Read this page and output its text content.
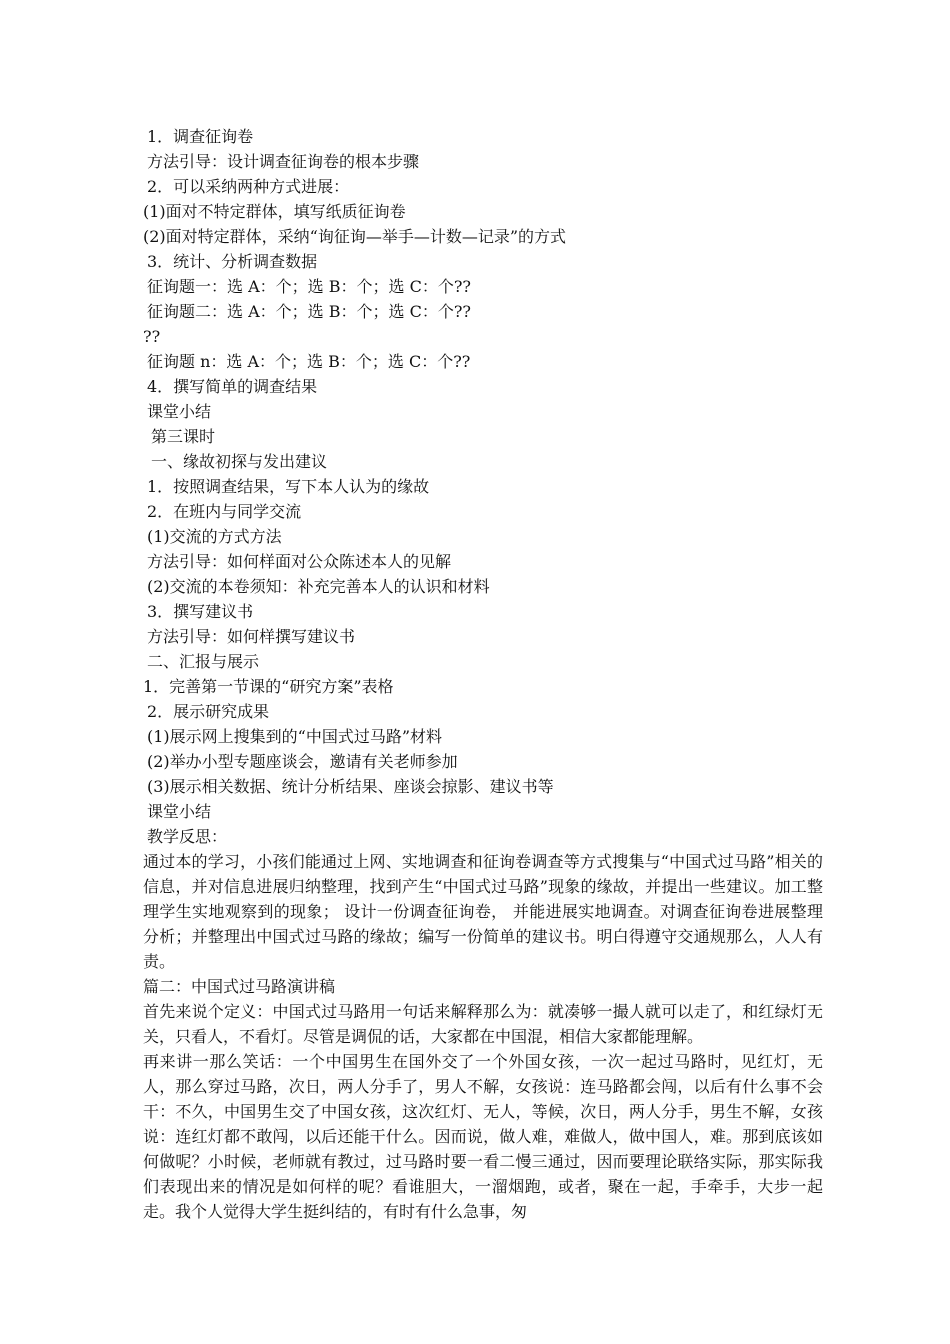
1．调查征询卷
方法引导：设计调查征询卷的根本步骤
2．可以采纳两种方式进展：
(1)面对不特定群体，填写纸质征询卷
(2)面对特定群体，采纳“询征询—举手—计数—记录”的方式
3．统计、分析调查数据
征询题一：选 A：个；选 B：个；选 C：个??
征询题二：选 A：个；选 B：个；选 C：个??
??
征询题 n：选 A：个；选 B：个；选 C：个??
4．撰写简单的调查结果
课堂小结
第三课时
一、缘故初探与发出建议
1．按照调查结果，写下本人认为的缘故
2．在班内与同学交流
(1)交流的方式方法
方法引导：如何样面对公众陈述本人的见解
(2)交流的本卷须知：补充完善本人的认识和材料
3．撰写建议书
方法引导：如何样撰写建议书
二、汇报与展示
1．完善第一节课的“研究方案”表格
2．展示研究成果
(1)展示网上搜集到的“中国式过马路”材料
(2)举办小型专题座谈会，邀请有关老师参加
(3)展示相关数据、统计分析结果、座谈会掠影、建议书等
课堂小结
教学反思：
通过本的学习，小孩们能通过上网、实地调查和征询卷调查等方式搜集与“中国式过马路”相关的信息，并对信息进展归纳整理，找到产生“中国式过马路”现象的缘故，并提出一些建议。加工整理学生实地观察到的现象； 设计一份调查征询卷， 并能进展实地调查。对调查征询卷进展整理分析；并整理出中国式过马路的缘故；编写一份简单的建议书。明白得遵守交通规那么，人人有责。
篇二：中国式过马路演讲稿
首先来说个定义：中国式过马路用一句话来解释那么为：就凑够一撮人就可以走了，和红绿灯无关，只看人，不看灯。尽管是调侃的话，大家都在中国混，相信大家都能理解。
再来讲一那么笑话：一个中国男生在国外交了一个外国女孩，一次一起过马路时，见红灯，无人，那么穿过马路，次日，两人分手了，男人不解，女孩说：连马路都会闯，以后有什么事不会干：不久，中国男生交了中国女孩，这次红灯、无人，等候，次日，两人分手，男生不解，女孩说：连红灯都不敢闯，以后还能干什么。因而说，做人难，难做人，做中国人，难。那到底该如何做呢？小时候，老师就有教过，过马路时要一看二慢三通过，因而要理论联络实际，那实际我们表现出来的情况是如何样的呢？看谁胆大，一溜烟跑，或者，聚在一起，手牵手，大步一起走。我个人觉得大学生挺纠结的，有时有什么急事，匆
